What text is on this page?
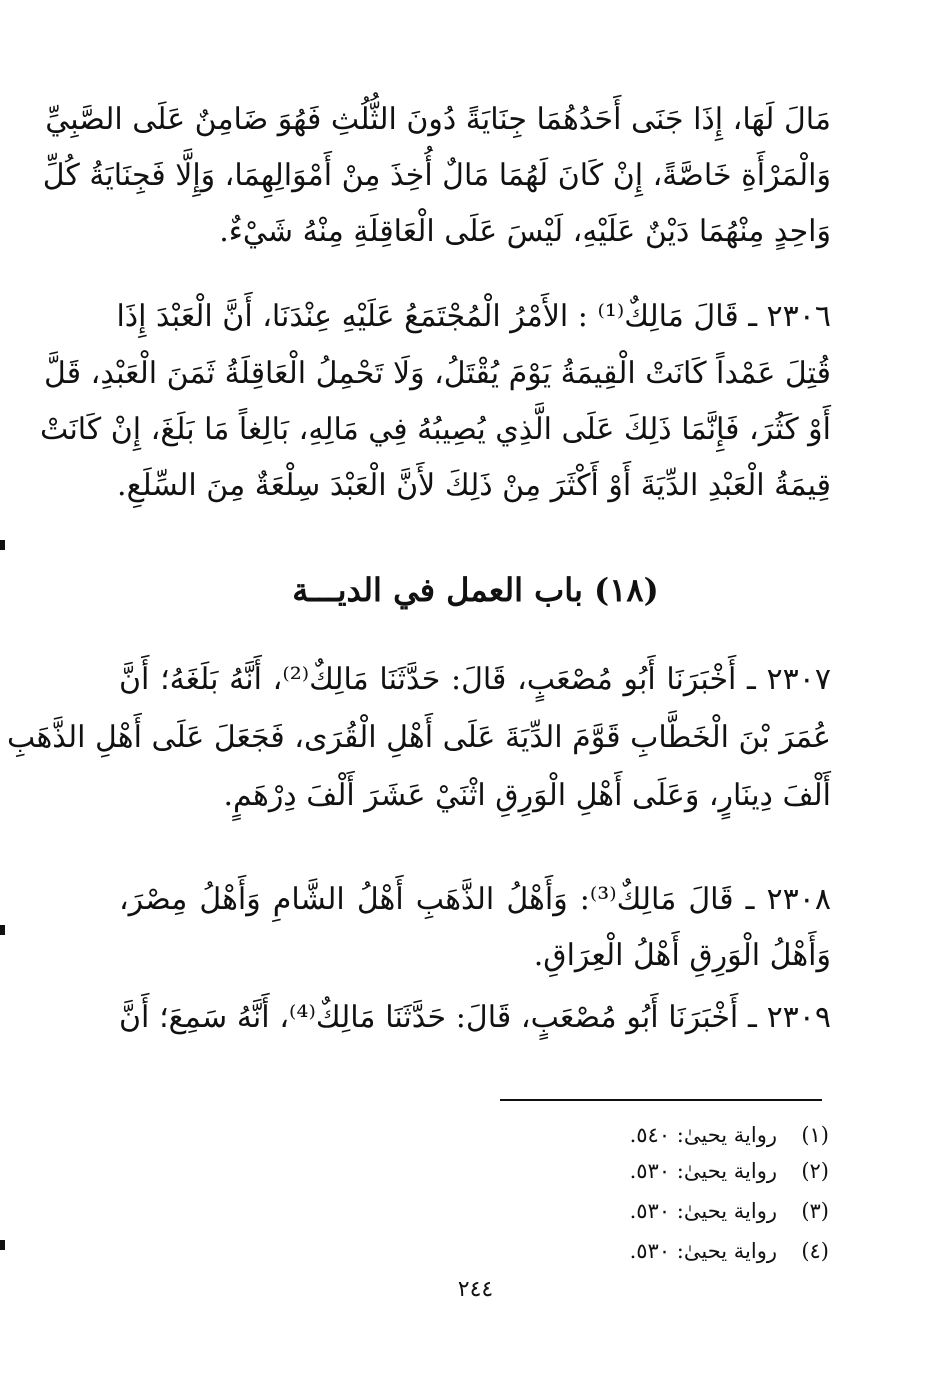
مَالَ لَهَا، إِذَا جَنَى أَحَدُهُمَا جِنَايَةً دُونَ الثُّلُثِ فَهُوَ ضَامِنٌ عَلَى الصَّبِيِّ
وَالْمَرْأَةِ خَاصَّةً، إِنْ كَانَ لَهُمَا مَالٌ أُخِذَ مِنْ أَمْوَالِهِمَا، وَإِلَّا فَجِنَايَةُ كُلِّ
وَاحِدٍ مِنْهُمَا دَيْنٌ عَلَيْهِ، لَيْسَ عَلَى الْعَاقِلَةِ مِنْهُ شَيْءٌ.
٢٣٠٦ ـ قَالَ مَالِكٌ⁽¹⁾ : الأَمْرُ الْمُجْتَمَعُ عَلَيْهِ عِنْدَنَا، أَنَّ الْعَبْدَ إِذَا
قُتِلَ عَمْداً كَانَتْ الْقِيمَةُ يَوْمَ يُقْتَلُ، وَلَا تَحْمِلُ الْعَاقِلَةُ ثَمَنَ الْعَبْدِ، قَلَّ
أَوْ كَثُرَ، فَإِنَّمَا ذَلِكَ عَلَى الَّذِي يُصِيبُهُ فِي مَالِهِ، بَالِغاً مَا بَلَغَ، إِنْ كَانَتْ
قِيمَةُ الْعَبْدِ الدِّيَةَ أَوْ أَكْثَرَ مِنْ ذَلِكَ لأَنَّ الْعَبْدَ سِلْعَةٌ مِنَ السِّلَعِ.
(١٨) باب العمل في الديـــة
٢٣٠٧ ـ أَخْبَرَنَا أَبُو مُصْعَبٍ، قَالَ: حَدَّثَنَا مَالِكٌ⁽²⁾، أَنَّهُ بَلَغَهُ؛ أَنَّ
عُمَرَ بْنَ الْخَطَّابِ قَوَّمَ الدِّيَةَ عَلَى أَهْلِ الْقُرَى، فَجَعَلَ عَلَى أَهْلِ الذَّهَبِ
أَلْفَ دِينَارٍ، وَعَلَى أَهْلِ الْوَرِقِ اثْنَيْ عَشَرَ أَلْفَ دِرْهَمٍ.
٢٣٠٨ ـ قَالَ مَالِكٌ⁽³⁾: وَأَهْلُ الذَّهَبِ أَهْلُ الشَّامِ وَأَهْلُ مِصْرَ،
وَأَهْلُ الْوَرِقِ أَهْلُ الْعِرَاقِ.
٢٣٠٩ ـ أَخْبَرَنَا أَبُو مُصْعَبٍ، قَالَ: حَدَّثَنَا مَالِكٌ⁽⁴⁾، أَنَّهُ سَمِعَ؛ أَنَّ
(١)رواية يحيىٰ: ٥٤٠.
(٢)رواية يحيىٰ: ٥٣٠.
(٣)رواية يحيىٰ: ٥٣٠.
(٤)رواية يحيىٰ: ٥٣٠.
٢٤٤
